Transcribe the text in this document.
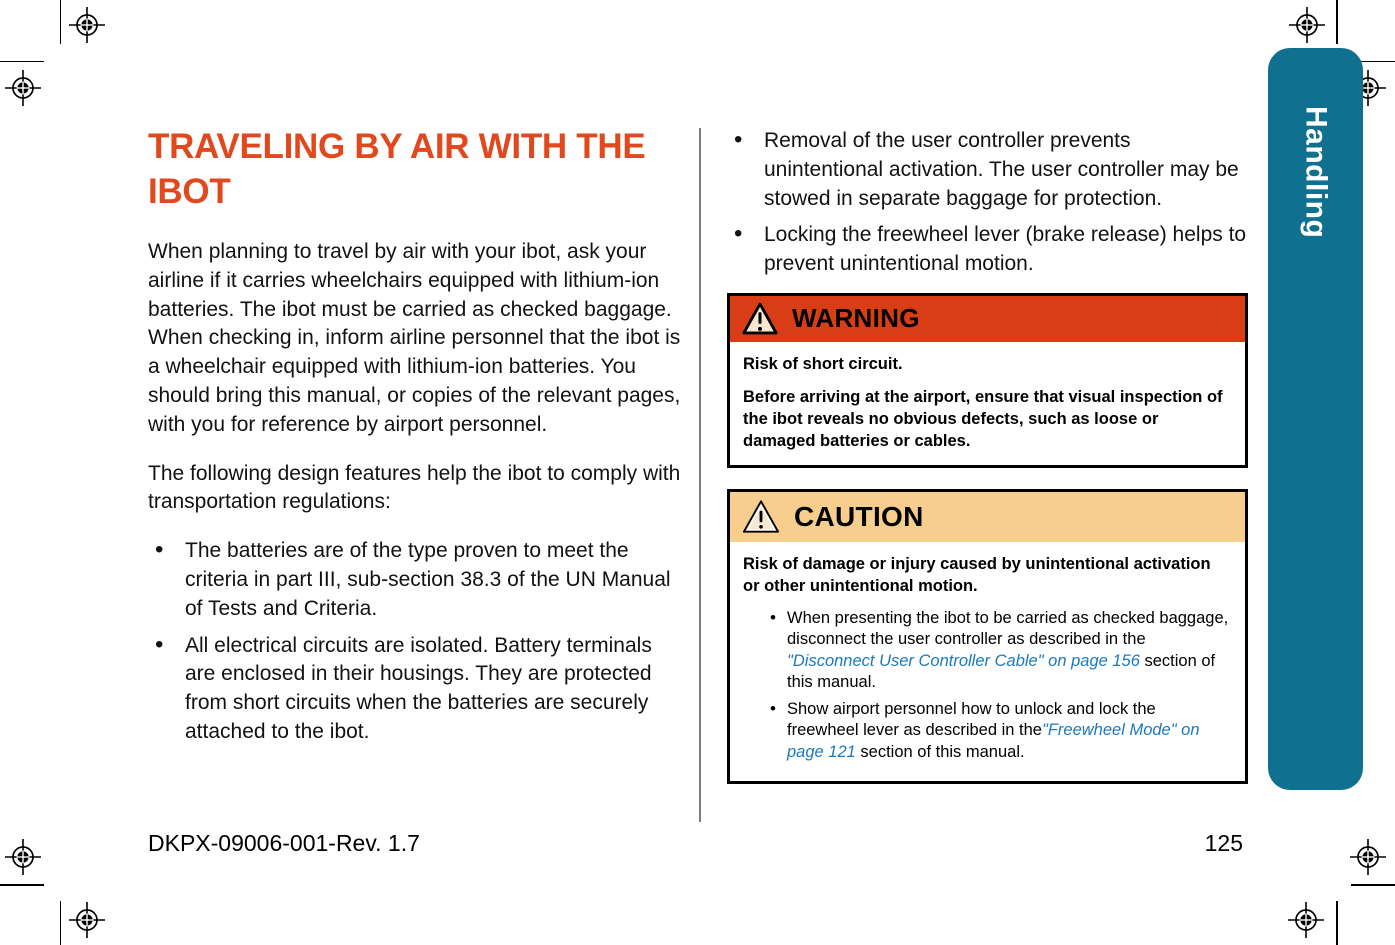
Handling
TRAVELING BY AIR WITH THE IBOT

When planning to travel by air with your ibot, ask your airline if it carries wheelchairs equipped with lithium-ion batteries. The ibot must be carried as checked baggage. When checking in, inform airline personnel that the ibot is a wheelchair equipped with lithium-ion batteries. You should bring this manual, or copies of the relevant pages, with you for reference by airport personnel.

The following design features help the ibot to comply with transportation regulations:

• The batteries are of the type proven to meet the criteria in part III, sub-section 38.3 of the UN Manual of Tests and Criteria.
• All electrical circuits are isolated. Battery terminals are enclosed in their housings. They are protected from short circuits when the batteries are securely attached to the ibot.
• Removal of the user controller prevents unintentional activation. The user controller may be stowed in separate baggage for protection.
• Locking the freewheel lever (brake release) helps to prevent unintentional motion.
WARNING

Risk of short circuit.

Before arriving at the airport, ensure that visual inspection of the ibot reveals no obvious defects, such as loose or damaged batteries or cables.

CAUTION

Risk of damage or injury caused by unintentional activation or other unintentional motion.

• When presenting the ibot to be carried as checked baggage, disconnect the user controller as described in the "Disconnect User Controller Cable" on page 156 section of this manual.
• Show airport personnel how to unlock and lock the freewheel lever as described in the"Freewheel Mode" on page 121 section of this manual.
DKPX-09006-001-Rev. 1.7	125
